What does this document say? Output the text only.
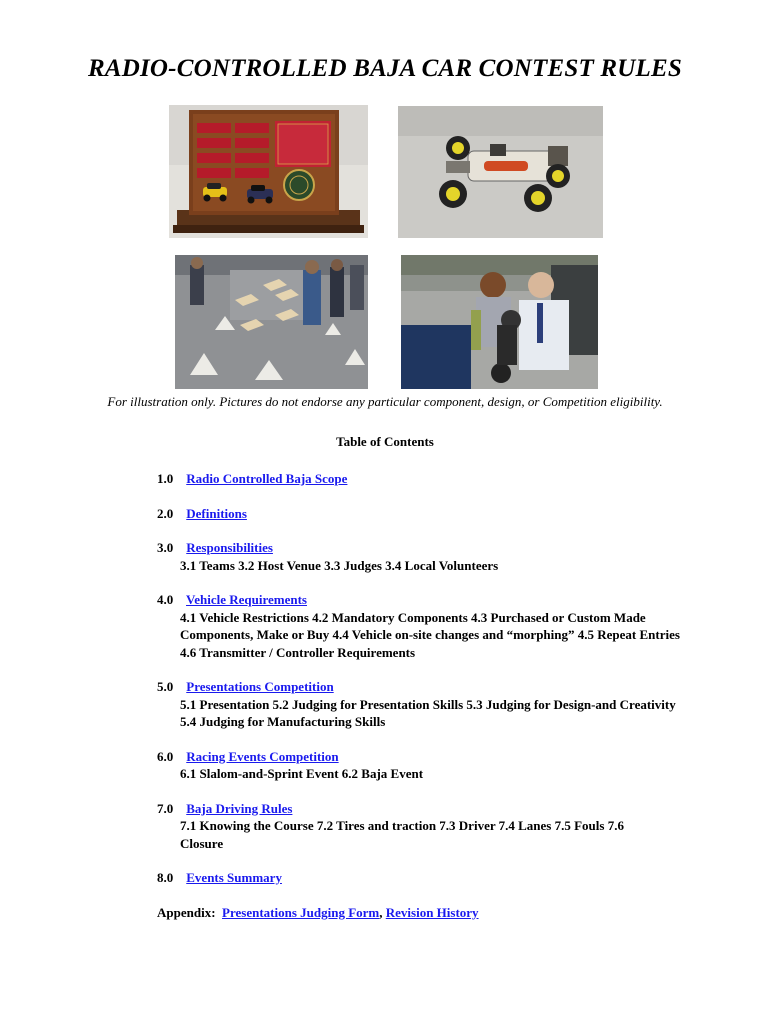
RADIO-CONTROLLED BAJA CAR CONTEST RULES
For illustration only. Pictures do not endorse any particular component, design, or Competition eligibility.
Table of Contents
1.0 Radio Controlled Baja Scope
2.0 Definitions
3.0 Responsibilities
3.1 Teams 3.2 Host Venue 3.3 Judges 3.4 Local Volunteers
4.0 Vehicle Requirements
4.1 Vehicle Restrictions 4.2 Mandatory Components 4.3 Purchased or Custom Made
Components, Make or Buy 4.4 Vehicle on-site changes and “morphing” 4.5 Repeat Entries
4.6 Transmitter / Controller Requirements
5.0 Presentations Competition
5.1 Presentation 5.2 Judging for Presentation Skills 5.3 Judging for Design-and Creativity
5.4 Judging for Manufacturing Skills
6.0 Racing Events Competition
6.1 Slalom-and-Sprint Event 6.2 Baja Event
7.0 Baja Driving Rules
7.1 Knowing the Course 7.2 Tires and traction 7.3 Driver 7.4 Lanes 7.5 Fouls 7.6
Closure
8.0 Events Summary
Appendix: Presentations Judging Form, Revision History
